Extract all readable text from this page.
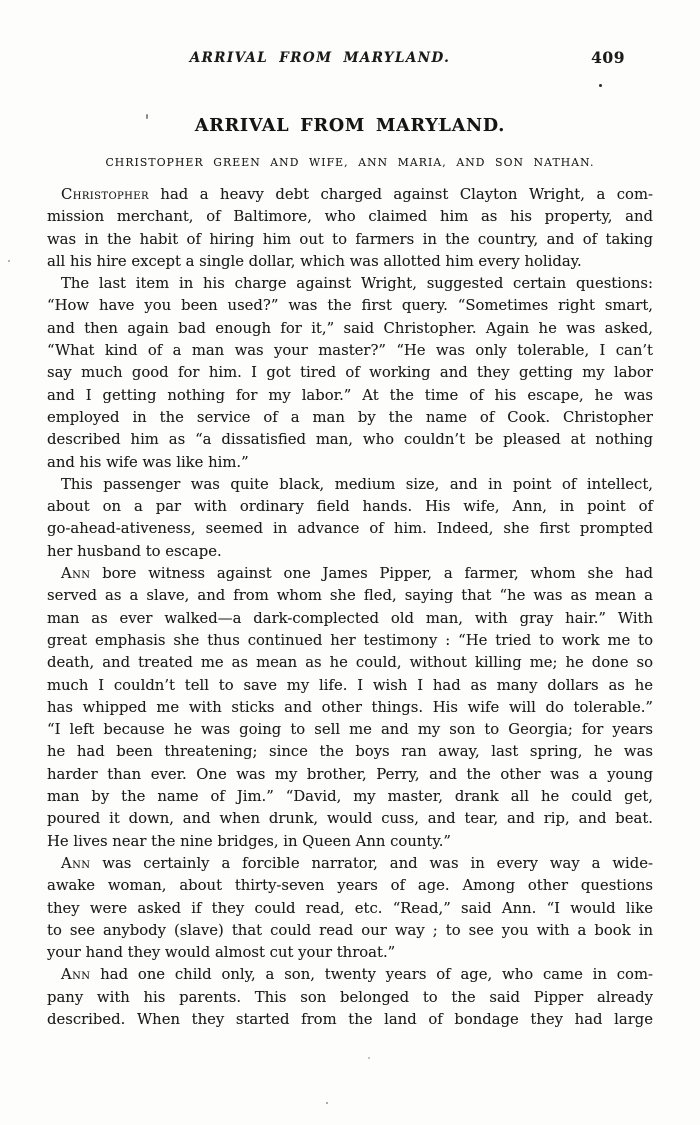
ARRIVAL FROM MARYLAND.	409
ARRIVAL FROM MARYLAND.
CHRISTOPHER GREEN AND WIFE, ANN MARIA, AND SON NATHAN.
Christopher had a heavy debt charged against Clayton Wright, a com-
mission merchant, of Baltimore, who claimed him as his property, and
was in the habit of hiring him out to farmers in the country, and of taking
all his hire except a single dollar, which was allotted him every holiday.
The last item in his charge against Wright, suggested certain questions:
“How have you been used?” was the first query. “Sometimes right smart,
and then again bad enough for it,” said Christopher. Again he was asked,
“What kind of a man was your master?” “He was only tolerable, I can’t
say much good for him. I got tired of working and they getting my labor
and I getting nothing for my labor.” At the time of his escape, he was
employed in the service of a man by the name of Cook. Christopher
described him as “a dissatisfied man, who couldn’t be pleased at nothing
and his wife was like him.”
This passenger was quite black, medium size, and in point of intellect,
about on a par with ordinary field hands. His wife, Ann, in point of
go-ahead-ativeness, seemed in advance of him. Indeed, she first prompted
her husband to escape.
Ann bore witness against one James Pipper, a farmer, whom she had
served as a slave, and from whom she fled, saying that “he was as mean a
man as ever walked—a dark-complected old man, with gray hair.” With
great emphasis she thus continued her testimony : “He tried to work me to
death, and treated me as mean as he could, without killing me; he done so
much I couldn’t tell to save my life. I wish I had as many dollars as he
has whipped me with sticks and other things. His wife will do tolerable.”
“I left because he was going to sell me and my son to Georgia; for years
he had been threatening; since the boys ran away, last spring, he was
harder than ever. One was my brother, Perry, and the other was a young
man by the name of Jim.” “David, my master, drank all he could get,
poured it down, and when drunk, would cuss, and tear, and rip, and beat.
He lives near the nine bridges, in Queen Ann county.”
Ann was certainly a forcible narrator, and was in every way a wide-
awake woman, about thirty-seven years of age. Among other questions
they were asked if they could read, etc. “Read,” said Ann. “I would like
to see anybody (slave) that could read our way ; to see you with a book in
your hand they would almost cut your throat.”
Ann had one child only, a son, twenty years of age, who came in com-
pany with his parents. This son belonged to the said Pipper already
described. When they started from the land of bondage they had large
